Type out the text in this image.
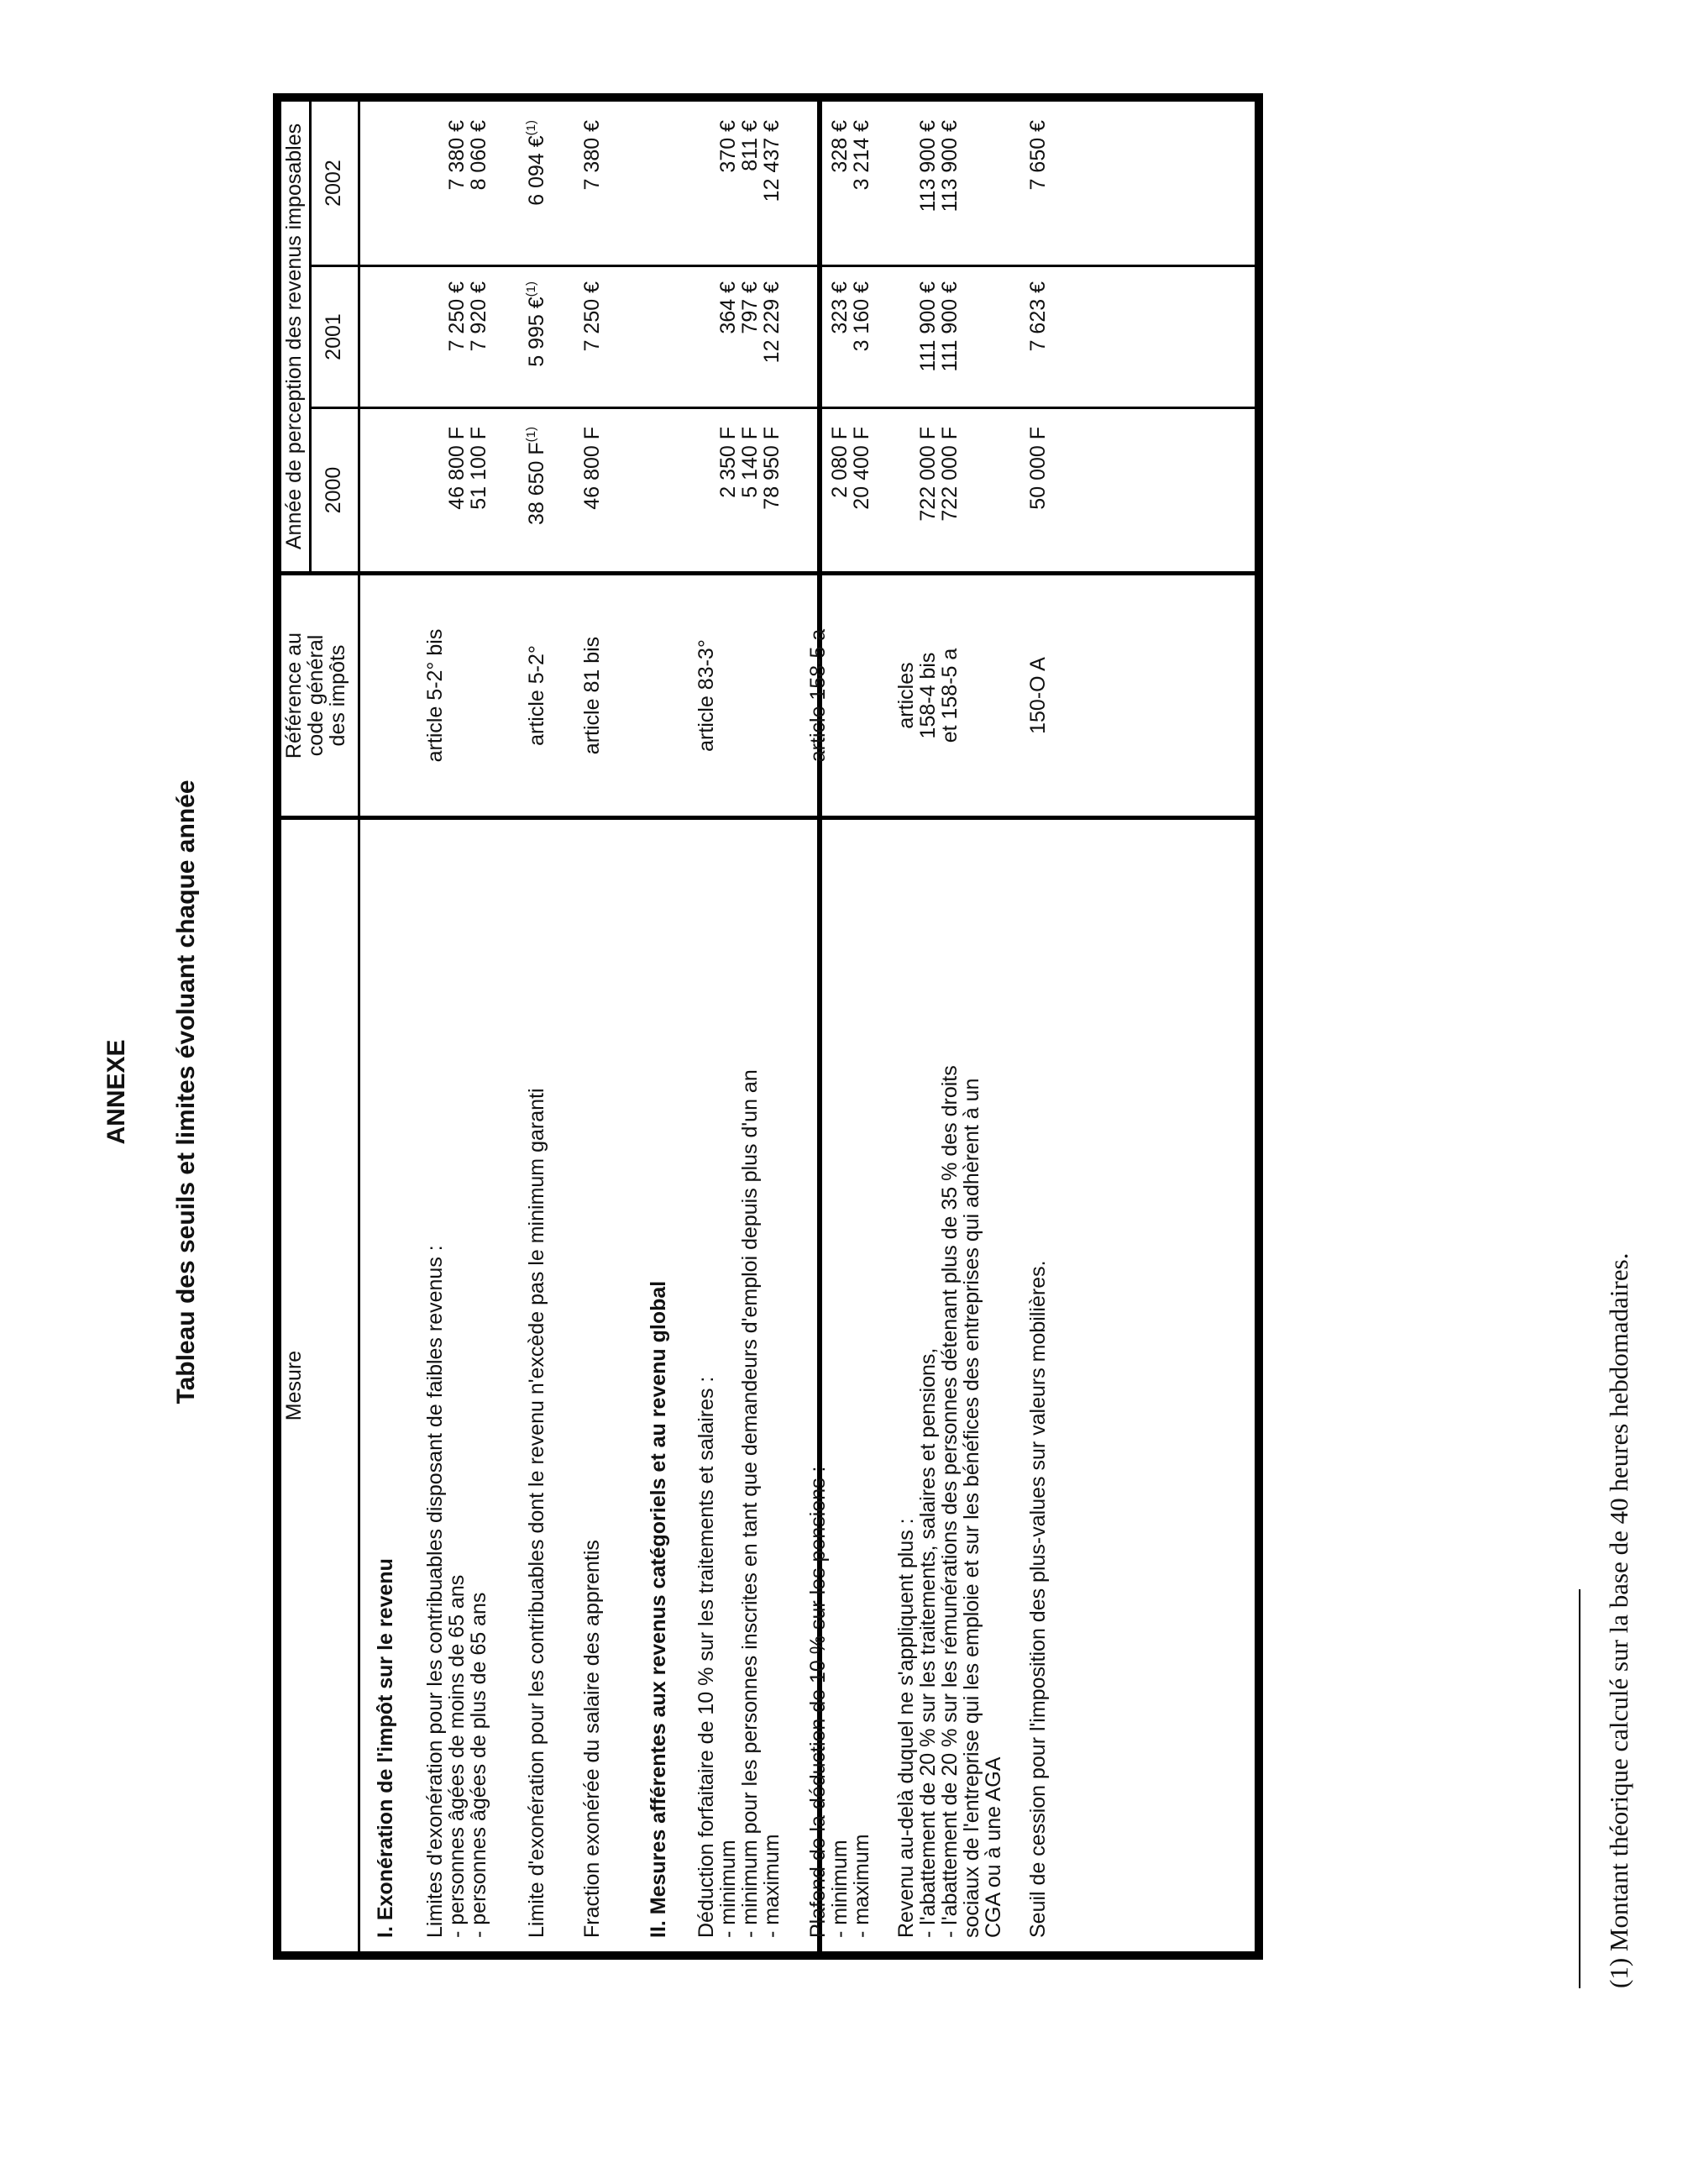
ANNEXE Tableau des seuils et limites évoluant chaque année	Mesure
Référence au
code général
des impôts
Année de perception des revenus imposables 2000
2001
2002
I. Exonération de l'impôt sur le revenu Limites d'exonération pour les contribuables disposant de faibles revenus :
- personnes âgées de moins de 65 ans
- personnes âgées de plus de 65 ans
article 5-2° bis
46 800 F
51 100 F
7 250 €
7 920 €
7 380 €
8 060 €
Limite d'exonération pour les contribuables dont le revenu n'excède pas le minimum garanti
article 5-2°
38 650 $F^{(1)}$
5 995 €$^{(1)}$
6 094 €$^{(1)}$
Fraction exonérée du salaire des apprentis
article 81 bis
46 800 F
7 250 €
7 380 €
II. Mesures afférentes aux revenus catégoriels et au revenu global Déduction forfaitaire de 10 % sur les traitements et salaires :
- minimum
- minimum pour les personnes inscrites en tant que demandeurs d'emploi depuis plus d'un an
- maximum
article 83-3°
2 350 F
5 140 F
78 950 F
364 €
797 €
12 229 €
370 €
811 €
12 437 €
Plafond de la déduction de 10 % sur les pensions :
- minimum
- maximum
article 158-5 a
2 080 F
20 400 F
323 €
3 160 €
328 €
3 214 €
Revenu au-delà duquel ne s'appliquent plus :
- l'abattement de 20 % sur les traitements, salaires et pensions,
- l'abattement de 20 % sur les rémunérations des personnes détenant plus de 35 % des droits
sociaux de l'entreprise qui les emploie et sur les bénéfices des entreprises qui adhèrent à un
CGA ou à une AGA
articles
158-4 bis
et 158-5 a
722 000 F
722 000 F
111 900 €
111 900 €
113 900 €
113 900 €
Seuil de cession pour l'imposition des plus-values sur valeurs mobilières.
150-O A
50 000 F
7 623 €
7 650 €
(1) Montant théorique calculé sur la base de 40 heures hebdomadaires.
